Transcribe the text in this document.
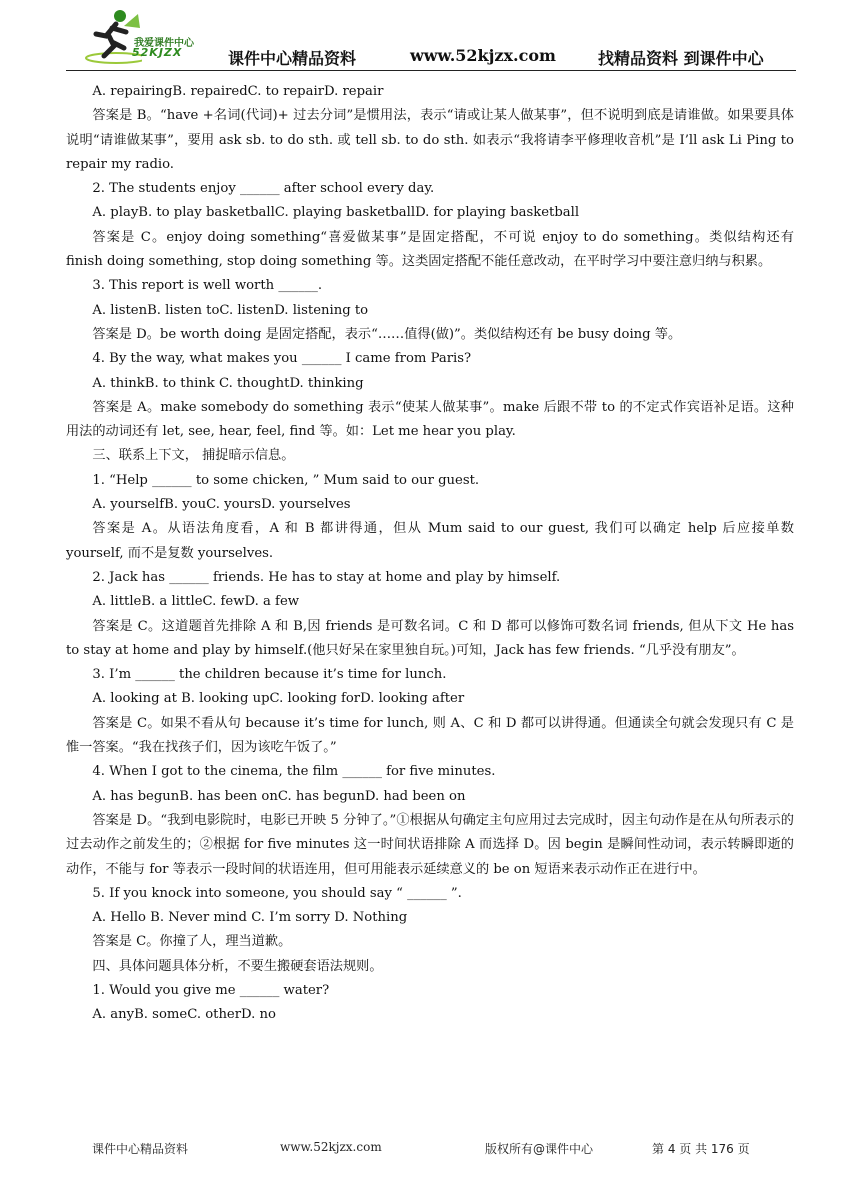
我爱课件中心
52KJZX	课件中心精品资料	www.52kjzx.com	找精品资料 到课件中心

A. repairingB. repairedC. to repairD. repair

答案是 B。“have +名词(代词)+ 过去分词”是惯用法，表示“请或让某人做某事”，但不说明到底是请谁做。如果要具体说明“请谁做某事”，要用 ask sb. to do sth. 或 tell sb. to do sth. 如表示“我将请李平修理收音机”是 I’ll ask Li Ping to repair my radio.

2. The students enjoy ______ after school every day.

A. playB. to play basketballC. playing basketballD. for playing basketball

答案是 C。enjoy doing something“喜爱做某事”是固定搭配，不可说 enjoy to do something。类似结构还有 finish doing something, stop doing something 等。这类固定搭配不能任意改动，在平时学习中要注意归纳与积累。

3. This report is well worth ______.

A. listenB. listen toC. listenD. listening to

答案是 D。be worth doing 是固定搭配，表示“……值得(做)”。类似结构还有 be busy doing 等。

4. By the way, what makes you ______ I came from Paris?

A. thinkB. to think C. thoughtD. thinking

答案是 A。make somebody do something 表示“使某人做某事”。make 后跟不带 to 的不定式作宾语补足语。这种用法的动词还有 let, see, hear, feel, find 等。如：Let me hear you play.

三、联系上下文， 捕捉暗示信息。

1. “Help ______ to some chicken, ” Mum said to our guest.

A. yourselfB. youC. yoursD. yourselves

答案是 A。从语法角度看，A 和 B 都讲得通，但从 Mum said to our guest, 我们可以确定 help 后应接单数 yourself, 而不是复数 yourselves.

2. Jack has ______ friends. He has to stay at home and play by himself.

A. littleB. a littleC. fewD. a few

答案是 C。这道题首先排除 A 和 B,因 friends 是可数名词。C 和 D 都可以修饰可数名词 friends, 但从下文 He has to stay at home and play by himself.(他只好呆在家里独自玩。)可知，Jack has few friends. “几乎没有朋友”。

3. I’m ______ the children because it’s time for lunch.

A. looking at B. looking upC. looking forD. looking after

答案是 C。如果不看从句 because it’s time for lunch, 则 A、C 和 D 都可以讲得通。但通读全句就会发现只有 C 是惟一答案。“我在找孩子们，因为该吃午饭了。”

4. When I got to the cinema, the film ______ for five minutes.

A. has begunB. has been onC. has begunD. had been on

答案是 D。“我到电影院时，电影已开映 5 分钟了。”①根据从句确定主句应用过去完成时，因主句动作是在从句所表示的过去动作之前发生的；②根据 for five minutes 这一时间状语排除 A 而选择 D。因 begin 是瞬间性动词，表示转瞬即逝的动作，不能与 for 等表示一段时间的状语连用，但可用能表示延续意义的 be on 短语来表示动作正在进行中。

5. If you knock into someone, you should say “ ______ ”.

A. Hello B. Never mind C. I’m sorry D. Nothing

答案是 C。你撞了人，理当道歉。

四、具体问题具体分析，不要生搬硬套语法规则。

1. Would you give me ______ water?

A. anyB. someC. otherD. no

课件中心精品资料	www.52kjzx.com	版权所有@课件中心	第 4 页 共 176 页
